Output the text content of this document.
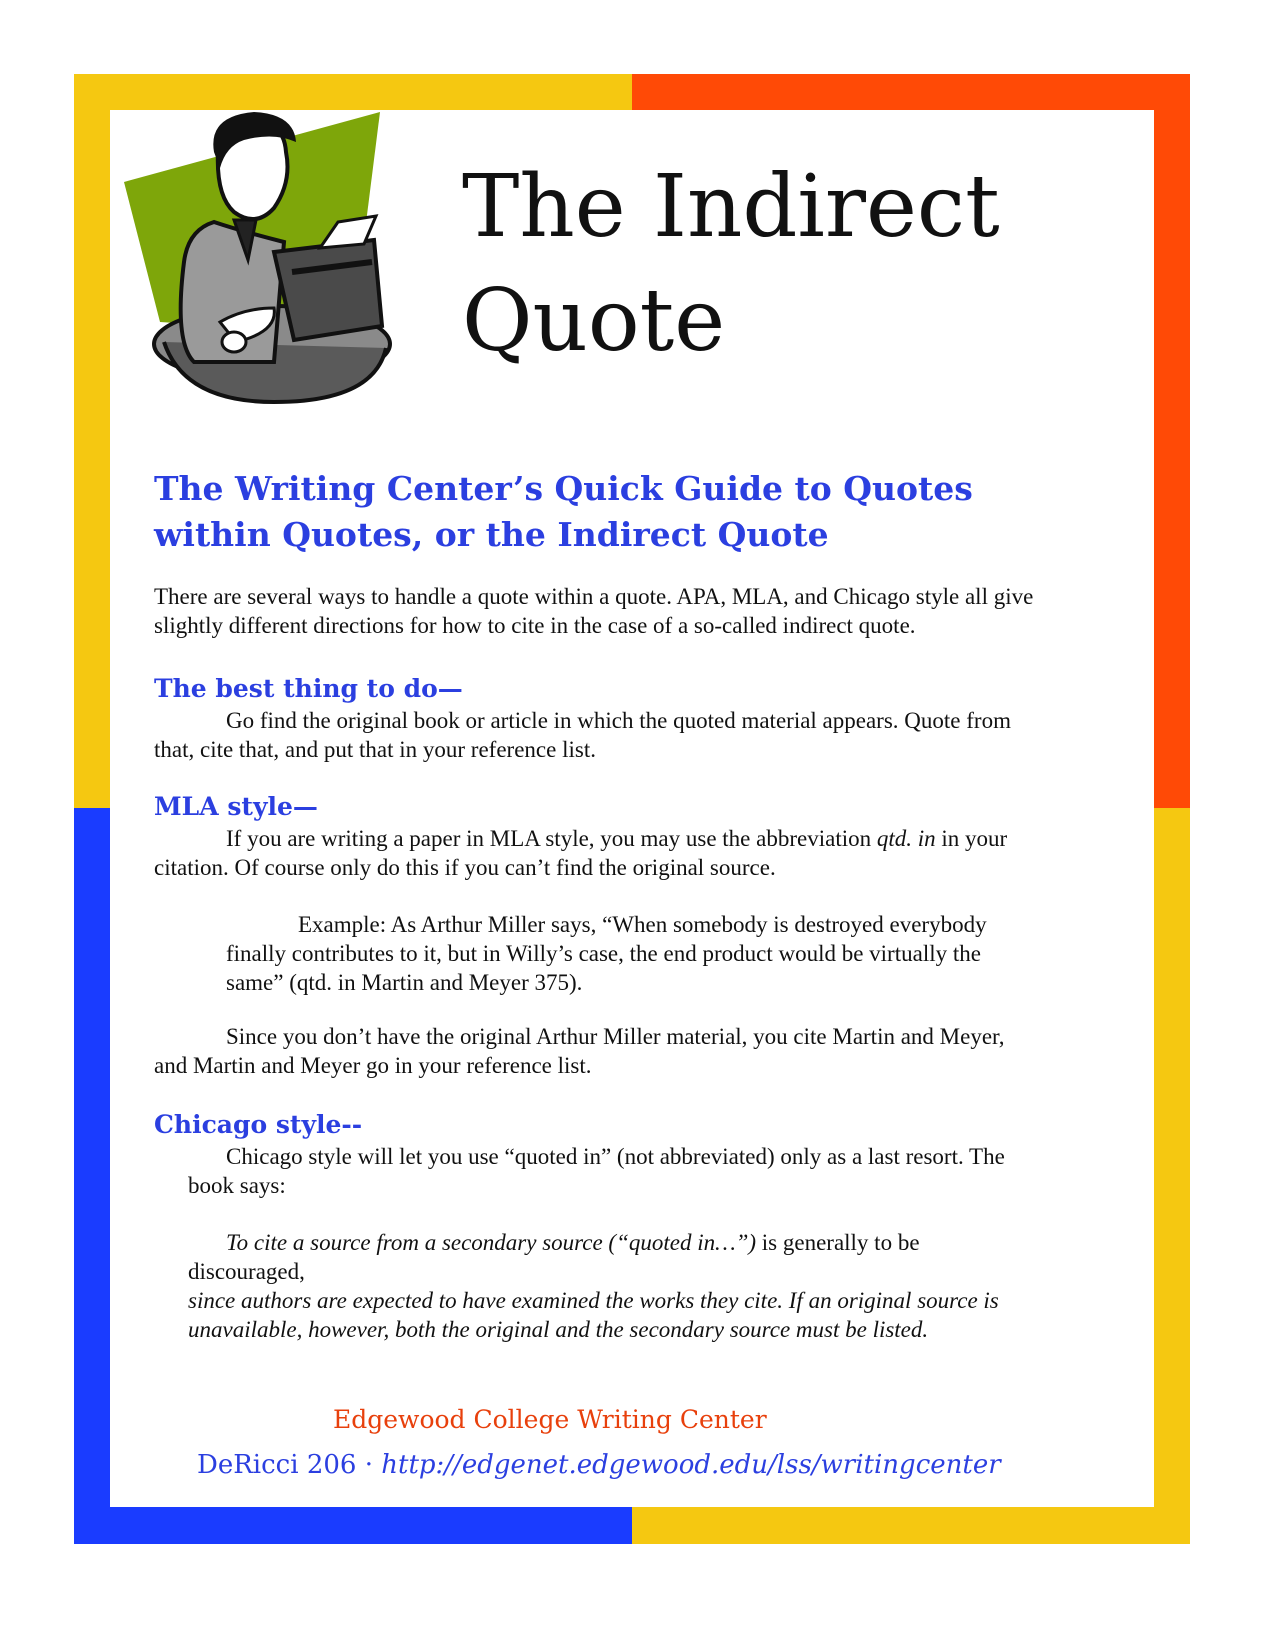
The Indirect
Quote
The Writing Center’s Quick Guide to Quotes
within Quotes, or the Indirect Quote
There are several ways to handle a quote within a quote. APA, MLA, and Chicago style all give
slightly different directions for how to cite in the case of a so-called indirect quote.
The best thing to do—
Go find the original book or article in which the quoted material appears. Quote from
that, cite that, and put that in your reference list.
MLA style—
If you are writing a paper in MLA style, you may use the abbreviation qtd. in in your
citation. Of course only do this if you can’t find the original source.
Example: As Arthur Miller says, “When somebody is destroyed everybody
finally contributes to it, but in Willy’s case, the end product would be virtually the
same” (qtd. in Martin and Meyer 375).
Since you don’t have the original Arthur Miller material, you cite Martin and Meyer,
and Martin and Meyer go in your reference list.
Chicago style--
Chicago style will let you use “quoted in” (not abbreviated) only as a last resort. The
book says:
To cite a source from a secondary source (“quoted in…”) is generally to be
discouraged,
since authors are expected to have examined the works they cite. If an original source is
unavailable, however, both the original and the secondary source must be listed.
Edgewood College Writing Center
DeRicci 206 · http://edgenet.edgewood.edu/lss/writingcenter
